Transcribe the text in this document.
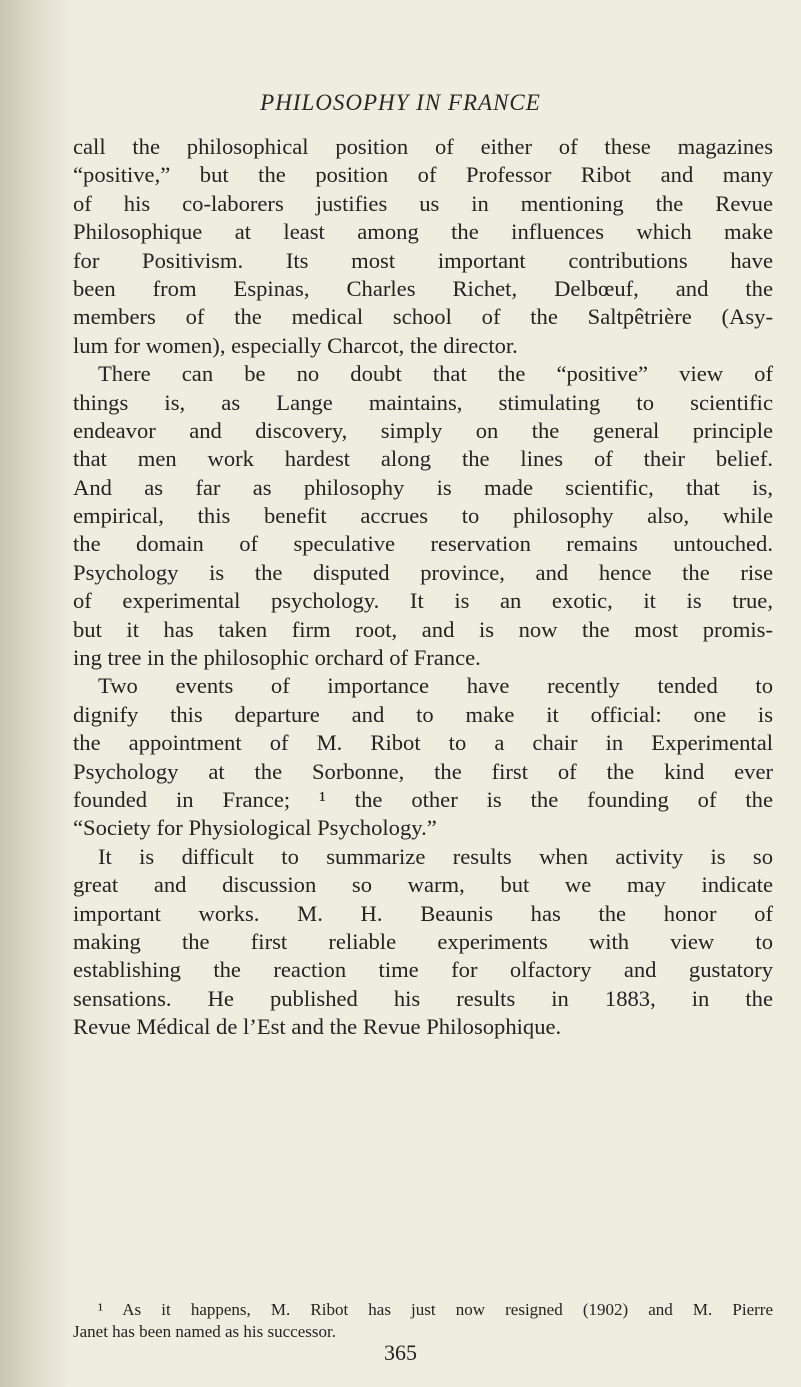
PHILOSOPHY IN FRANCE
call the philosophical position of either of these magazines
“positive,” but the position of Professor Ribot and many
of his co-laborers justifies us in mentioning the Revue
Philosophique at least among the influences which make
for Positivism. Its most important contributions have
been from Espinas, Charles Richet, Delbœuf, and the
members of the medical school of the Saltpêtrière (Asy-
lum for women), especially Charcot, the director.
There can be no doubt that the “positive” view of
things is, as Lange maintains, stimulating to scientific
endeavor and discovery, simply on the general principle
that men work hardest along the lines of their belief.
And as far as philosophy is made scientific, that is,
empirical, this benefit accrues to philosophy also, while
the domain of speculative reservation remains untouched.
Psychology is the disputed province, and hence the rise
of experimental psychology. It is an exotic, it is true,
but it has taken firm root, and is now the most promis-
ing tree in the philosophic orchard of France.
Two events of importance have recently tended to
dignify this departure and to make it official: one is
the appointment of M. Ribot to a chair in Experimental
Psychology at the Sorbonne, the first of the kind ever
founded in France; ¹ the other is the founding of the
“Society for Physiological Psychology.”
It is difficult to summarize results when activity is so
great and discussion so warm, but we may indicate
important works. M. H. Beaunis has the honor of
making the first reliable experiments with view to
establishing the reaction time for olfactory and gustatory
sensations. He published his results in 1883, in the
Revue Médical de l’Est and the Revue Philosophique.
¹ As it happens, M. Ribot has just now resigned (1902) and M. Pierre
Janet has been named as his successor.
365
